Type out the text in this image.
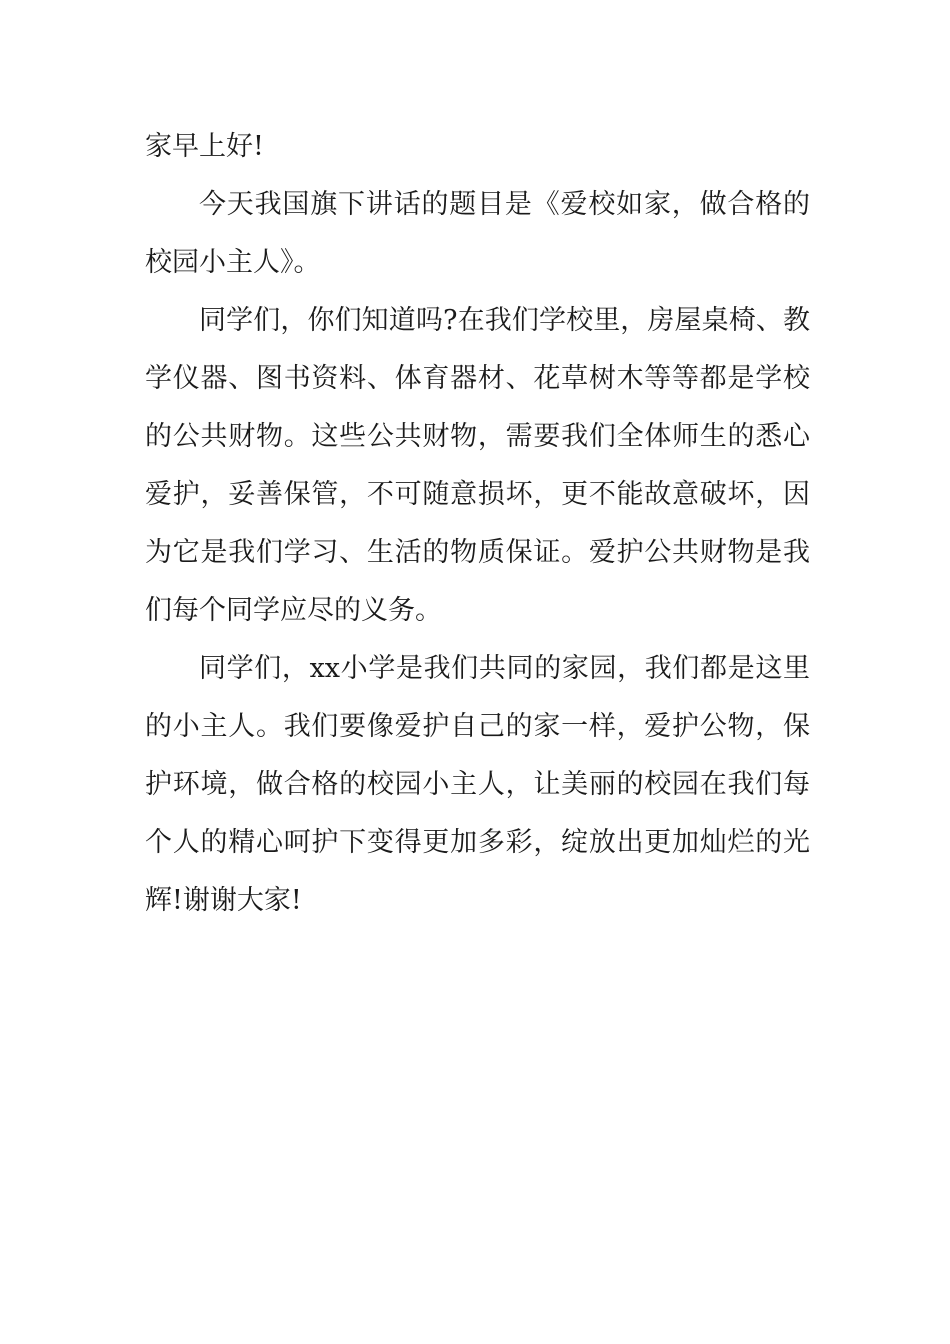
家早上好!

今天我国旗下讲话的题目是《爱校如家，做合格的校园小主人》。

同学们，你们知道吗?在我们学校里，房屋桌椅、教学仪器、图书资料、体育器材、花草树木等等都是学校的公共财物。这些公共财物，需要我们全体师生的悉心爱护，妥善保管，不可随意损坏，更不能故意破坏，因为它是我们学习、生活的物质保证。爱护公共财物是我们每个同学应尽的义务。

同学们，xx小学是我们共同的家园，我们都是这里的小主人。我们要像爱护自己的家一样，爱护公物，保护环境，做合格的校园小主人，让美丽的校园在我们每个人的精心呵护下变得更加多彩，绽放出更加灿烂的光辉!谢谢大家!
